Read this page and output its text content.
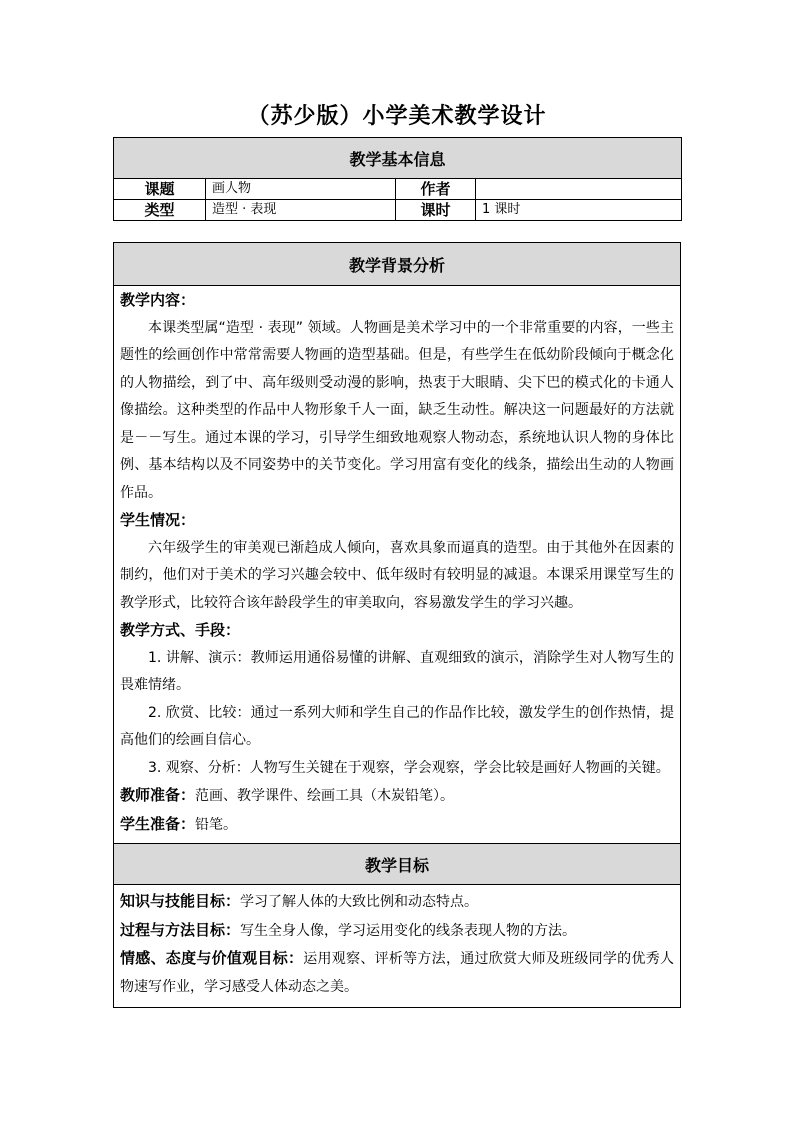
（苏少版）小学美术教学设计
教学基本信息			
课题	画人物	作者	
类型	造型 · 表现	课时	1 课时
教学背景分析

教学内容：
本课类型属“造型 · 表现” 领域。人物画是美术学习中的一个非常重要的内容，一些主题性的绘画创作中常常需要人物画的造型基础。但是，有些学生在低幼阶段倾向于概念化的人物描绘，到了中、高年级则受动漫的影响，热衷于大眼睛、尖下巴的模式化的卡通人像描绘。这种类型的作品中人物形象千人一面，缺乏生动性。解决这一问题最好的方法就是－－写生。通过本课的学习，引导学生细致地观察人物动态，系统地认识人物的身体比例、基本结构以及不同姿势中的关节变化。学习用富有变化的线条，描绘出生动的人物画作品。
学生情况：
六年级学生的审美观已渐趋成人倾向，喜欢具象而逼真的造型。由于其他外在因素的制约，他们对于美术的学习兴趣会较中、低年级时有较明显的减退。本课采用课堂写生的教学形式，比较符合该年龄段学生的审美取向，容易激发学生的学习兴趣。
教学方式、手段：
1. 讲解、演示：教师运用通俗易懂的讲解、直观细致的演示，消除学生对人物写生的畏难情绪。
2. 欣赏、比较：通过一系列大师和学生自己的作品作比较，激发学生的创作热情，提高他们的绘画自信心。
3. 观察、分析：人物写生关键在于观察，学会观察，学会比较是画好人物画的关键。
教师准备：范画、教学课件、绘画工具（木炭铅笔）。
学生准备：铅笔。

教学目标

知识与技能目标：学习了解人体的大致比例和动态特点。
过程与方法目标：写生全身人像，学习运用变化的线条表现人物的方法。
情感、态度与价值观目标：运用观察、评析等方法，通过欣赏大师及班级同学的优秀人物速写作业，学习感受人体动态之美。
